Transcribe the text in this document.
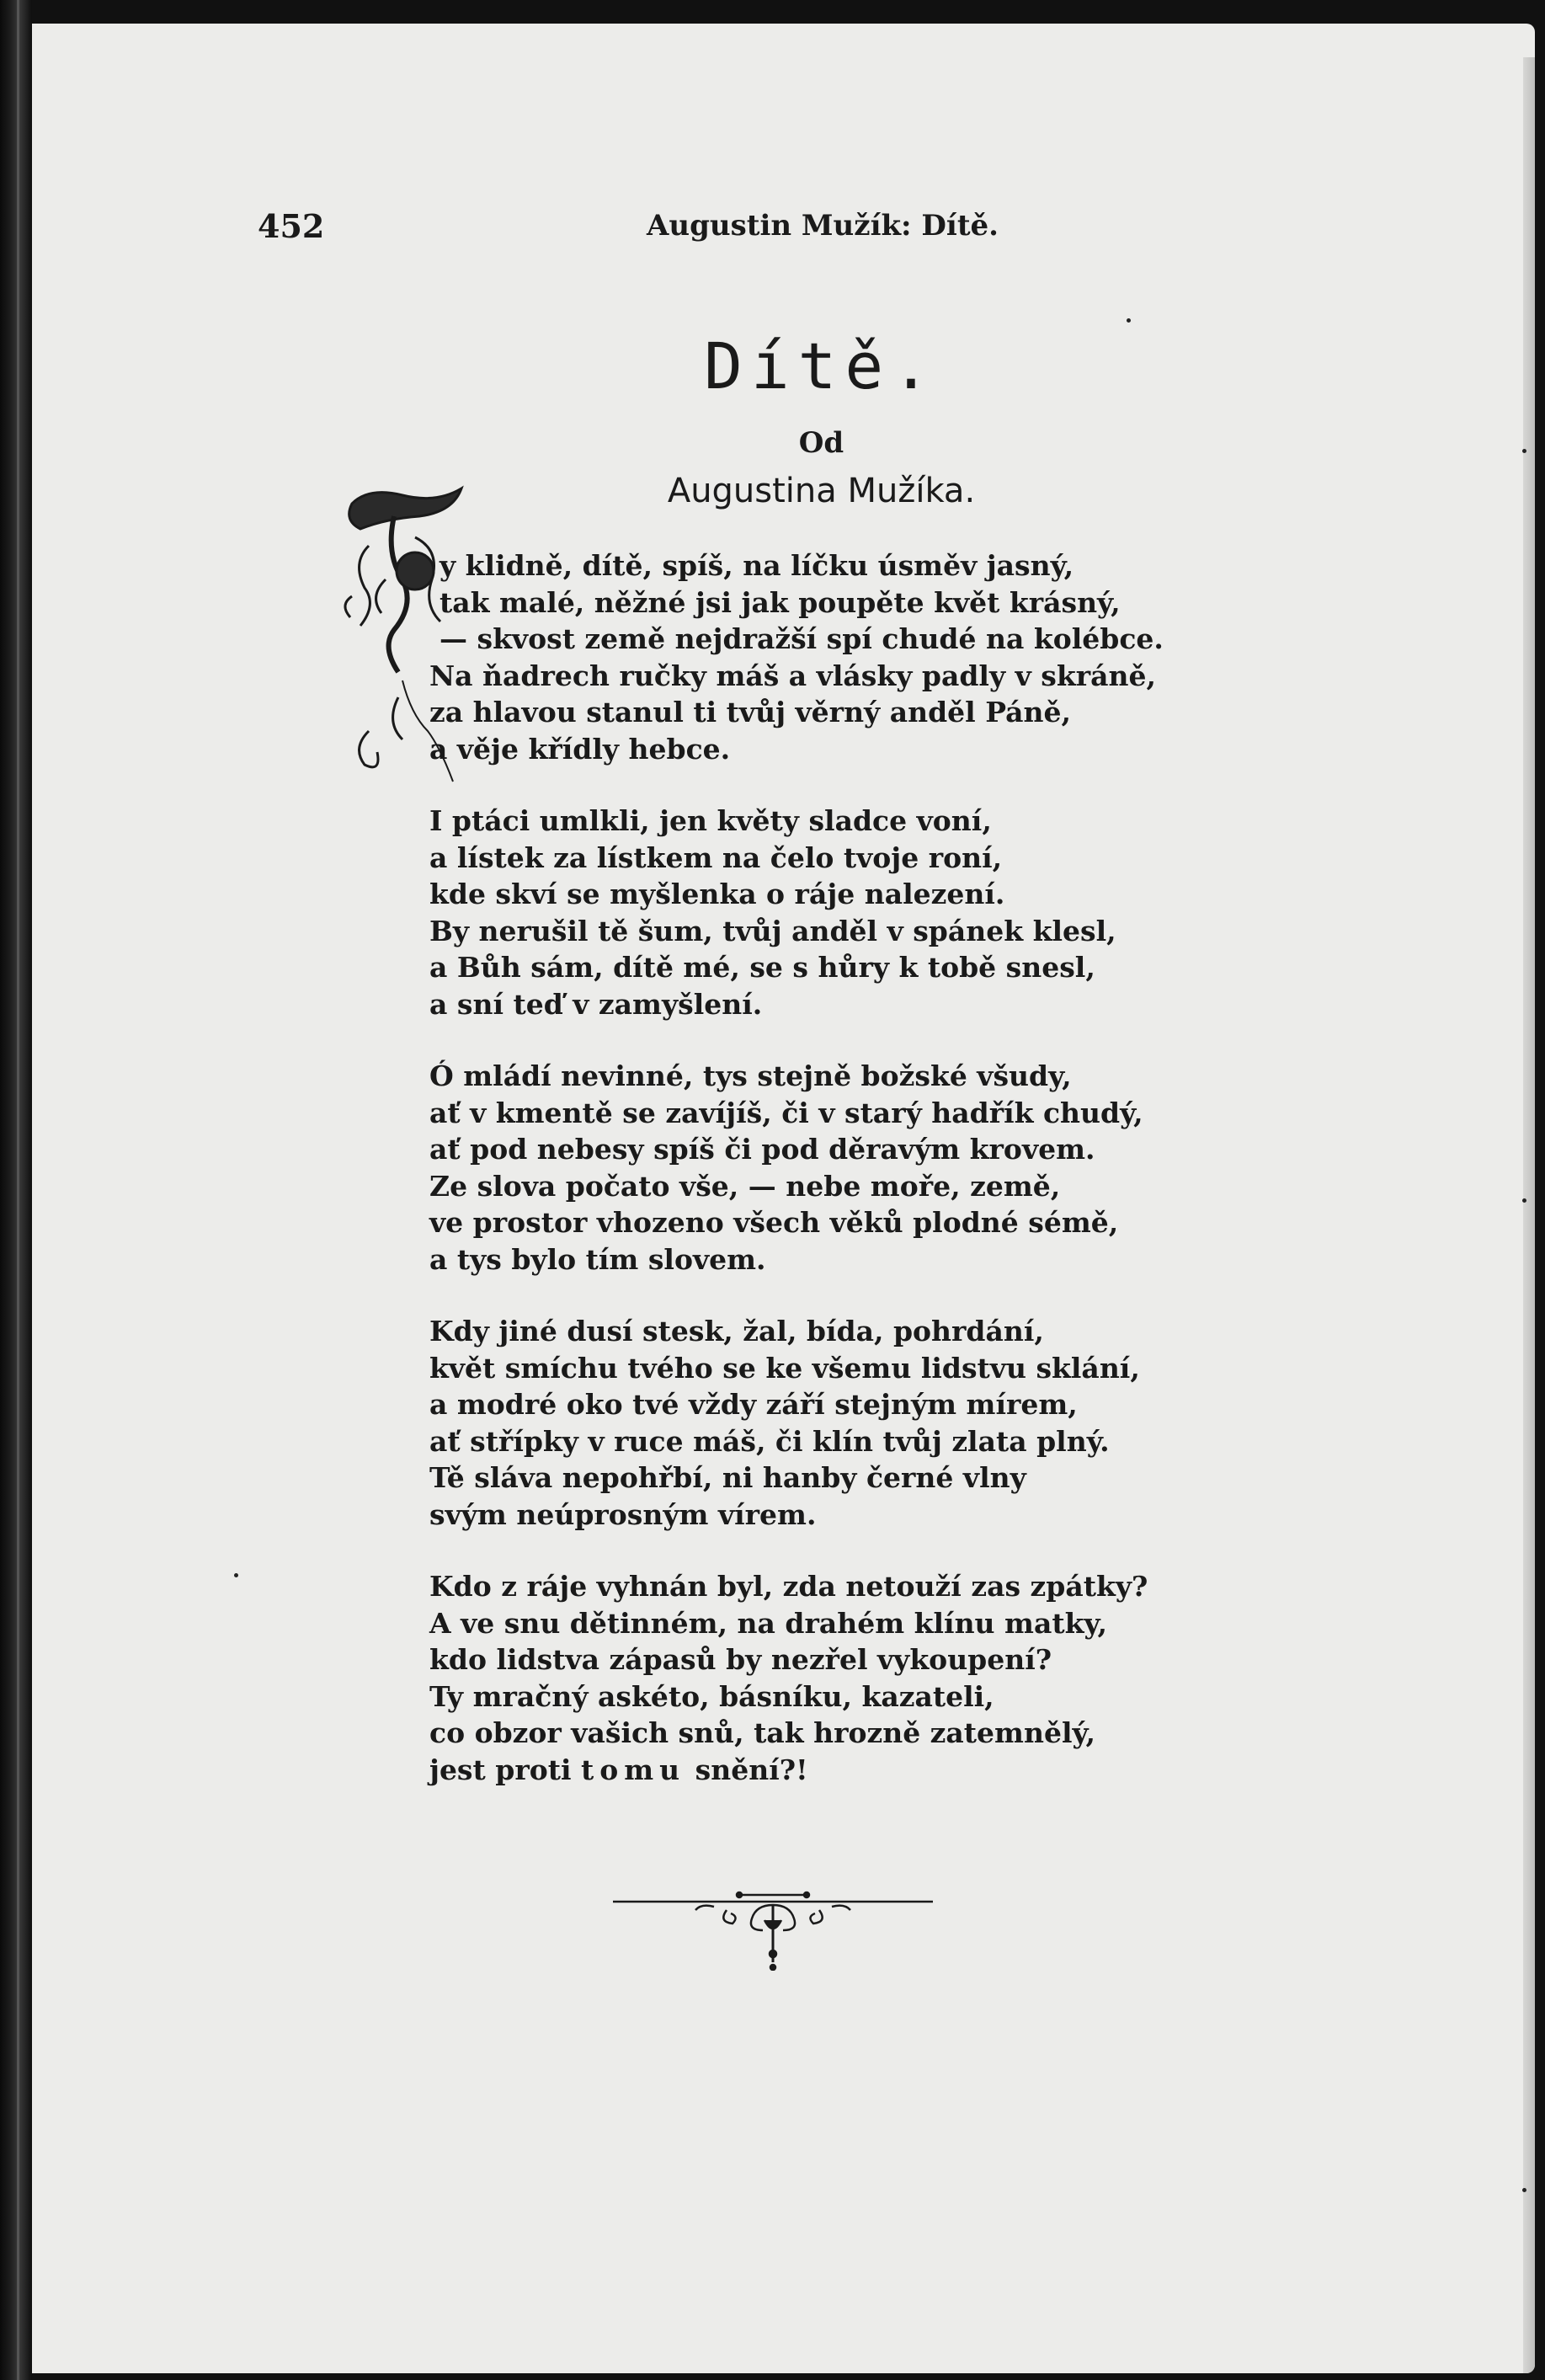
452	Augustin Mužík: Dítě.
Dítě.
Od
Augustina Mužíka.
y klidně, dítě, spíš, na líčku úsměv jasný,
tak malé, něžné jsi jak poupěte květ krásný,
— skvost země nejdražší spí chudé na kolébce.
Na ňadrech ručky máš a vlásky padly v skráně,
za hlavou stanul ti tvůj věrný anděl Páně,
a věje křídly hebce.
I ptáci umlkli, jen květy sladce voní,
a lístek za lístkem na čelo tvoje roní,
kde skví se myšlenka o ráje nalezení.
By nerušil tě šum, tvůj anděl v spánek klesl,
a Bůh sám, dítě mé, se s hůry k tobě snesl,
a sní teď v zamyšlení.
Ó mládí nevinné, tys stejně božské všudy,
ať v kmentě se zavíjíš, či v starý hadřík chudý,
ať pod nebesy spíš či pod děravým krovem.
Ze slova počato vše, — nebe moře, země,
ve prostor vhozeno všech věků plodné sémě,
a tys bylo tím slovem.
Kdy jiné dusí stesk, žal, bída, pohrdání,
květ smíchu tvého se ke všemu lidstvu sklání,
a modré oko tvé vždy září stejným mírem,
ať střípky v ruce máš, či klín tvůj zlata plný.
Tě sláva nepohřbí, ni hanby černé vlny
svým neúprosným vírem.
Kdo z ráje vyhnán byl, zda netouží zas zpátky?
A ve snu dětinném, na drahém klínu matky,
kdo lidstva zápasů by nezřel vykoupení?
Ty mračný askéto, básníku, kazateli,
co obzor vašich snů, tak hrozně zatemnělý,
jest proti tomu snění?!
